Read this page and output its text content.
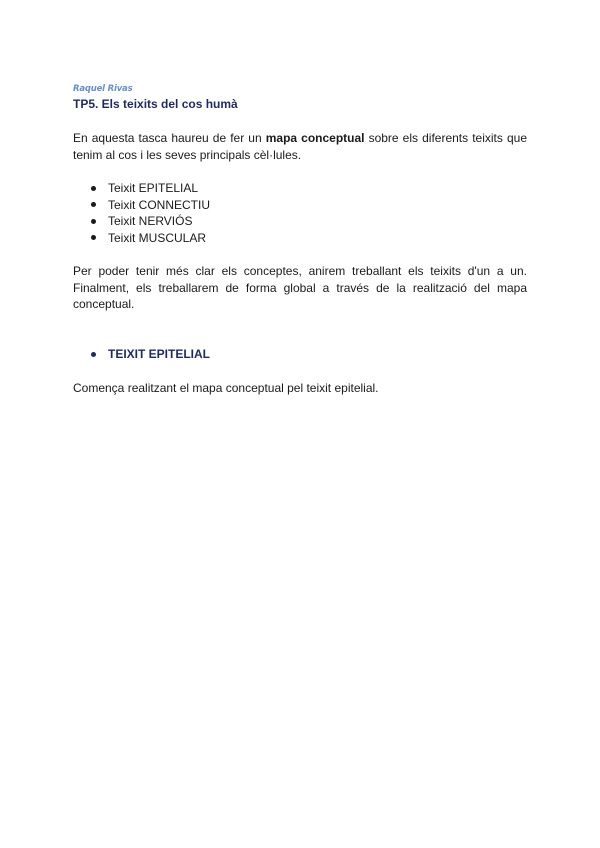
Raquel Rivas
TP5. Els teixits del cos humà

En aquesta tasca haureu de fer un mapa conceptual sobre els diferents teixits que tenim al cos i les seves principals cèl·lules.

Teixit EPITELIAL
Teixit CONNECTIU
Teixit NERVIÓS
Teixit MUSCULAR

Per poder tenir més clar els conceptes, anirem treballant els teixits d'un a un. Finalment, els treballarem de forma global a través de la realització del mapa conceptual.

TEIXIT EPITELIAL

Comença realitzant el mapa conceptual pel teixit epitelial.
